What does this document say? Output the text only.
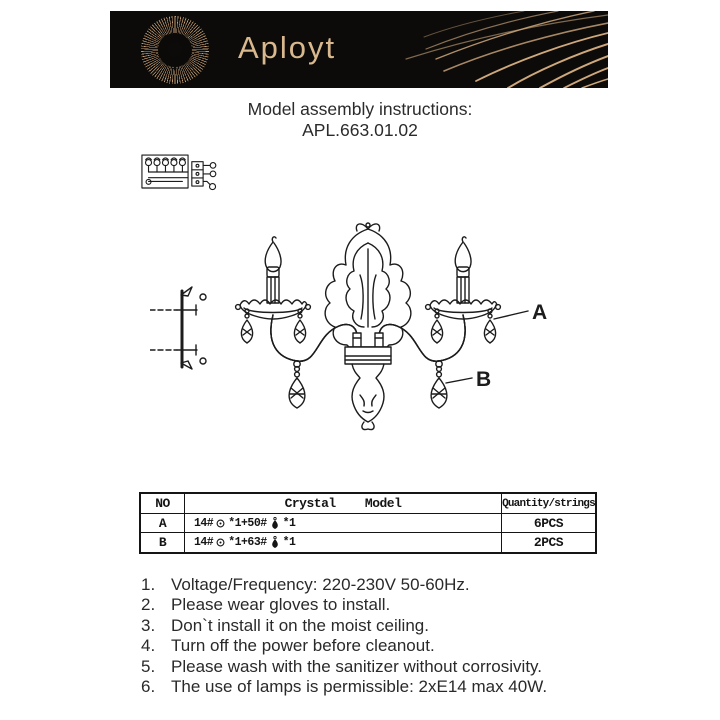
Aployt
Model assembly instructions:
APL.663.01.02
A
B
NO	Crystal    Model	Quantity/strings
A	14# *1+50# *1	6PCS
B	14# *1+63# *1	2PCS
1. Voltage/Frequency: 220-230V 50-60Hz.
2. Please wear gloves to install.
3. Don`t install it on the moist ceiling.
4. Turn off the power before cleanout.
5. Please wash with the sanitizer without corrosivity.
6. The use of lamps is permissible: 2xE14 max 40W.
